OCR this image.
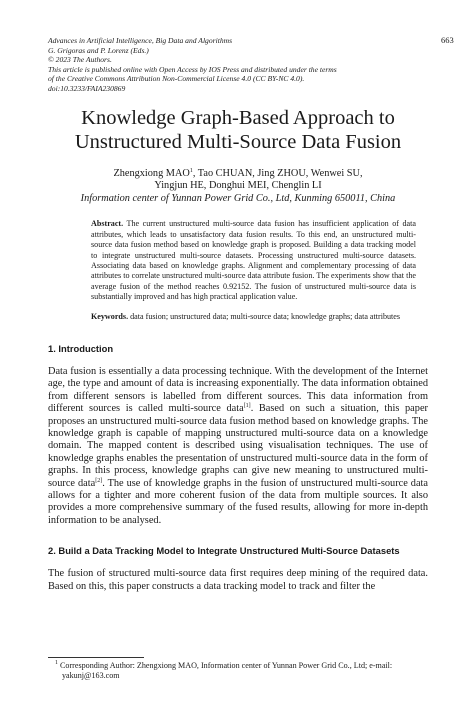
Advances in Artificial Intelligence, Big Data and Algorithms
G. Grigoras and P. Lorenz (Eds.)
© 2023 The Authors.
This article is published online with Open Access by IOS Press and distributed under the terms
of the Creative Commons Attribution Non-Commercial License 4.0 (CC BY-NC 4.0).
doi:10.3233/FAIA230869
663
Knowledge Graph-Based Approach to
Unstructured Multi-Source Data Fusion
Zhengxiong MAO$^1$, Tao CHUAN, Jing ZHOU, Wenwei SU,
Yingjun HE, Donghui MEI, Chenglin LI
Information center of Yunnan Power Grid Co., Ltd, Kunming 650011, China
Abstract. The current unstructured multi-source data fusion has insufficient application of data attributes, which leads to unsatisfactory data fusion results. To this end, an unstructured multi-source data fusion method based on knowledge graph is proposed. Building a data tracking model to integrate unstructured multi-source datasets. Processing unstructured multi-source datasets. Associating data based on knowledge graphs. Alignment and complementary processing of data attributes to correlate unstructured multi-source data attribute fusion. The experiments show that the average fusion of the method reaches 0.92152. The fusion of unstructured multi-source data is substantially improved and has high practical application value.
Keywords. data fusion; unstructured data; multi-source data; knowledge graphs; data attributes
1. Introduction
Data fusion is essentially a data processing technique. With the development of the Internet age, the type and amount of data is increasing exponentially. The data information obtained from different sensors is labelled from different sources. This data information from different sources is called multi-source data[1]. Based on such a situation, this paper proposes an unstructured multi-source data fusion method based on knowledge graphs. The knowledge graph is capable of mapping unstructured multi-source data on a knowledge domain. The mapped content is described using visualisation techniques. The use of knowledge graphs enables the presentation of unstructured multi-source data in the form of graphs. In this process, knowledge graphs can give new meaning to unstructured multi-source data[2]. The use of knowledge graphs in the fusion of unstructured multi-source data allows for a tighter and more coherent fusion of the data from multiple sources. It also provides a more comprehensive summary of the fused results, allowing for more in-depth information to be analysed.
2. Build a Data Tracking Model to Integrate Unstructured Multi-Source Datasets
The fusion of structured multi-source data first requires deep mining of the required data. Based on this, this paper constructs a data tracking model to track and filter the
$^1$ Corresponding Author: Zhengxiong MAO, Information center of Yunnan Power Grid Co., Ltd; e-mail: yakunj@163.com
